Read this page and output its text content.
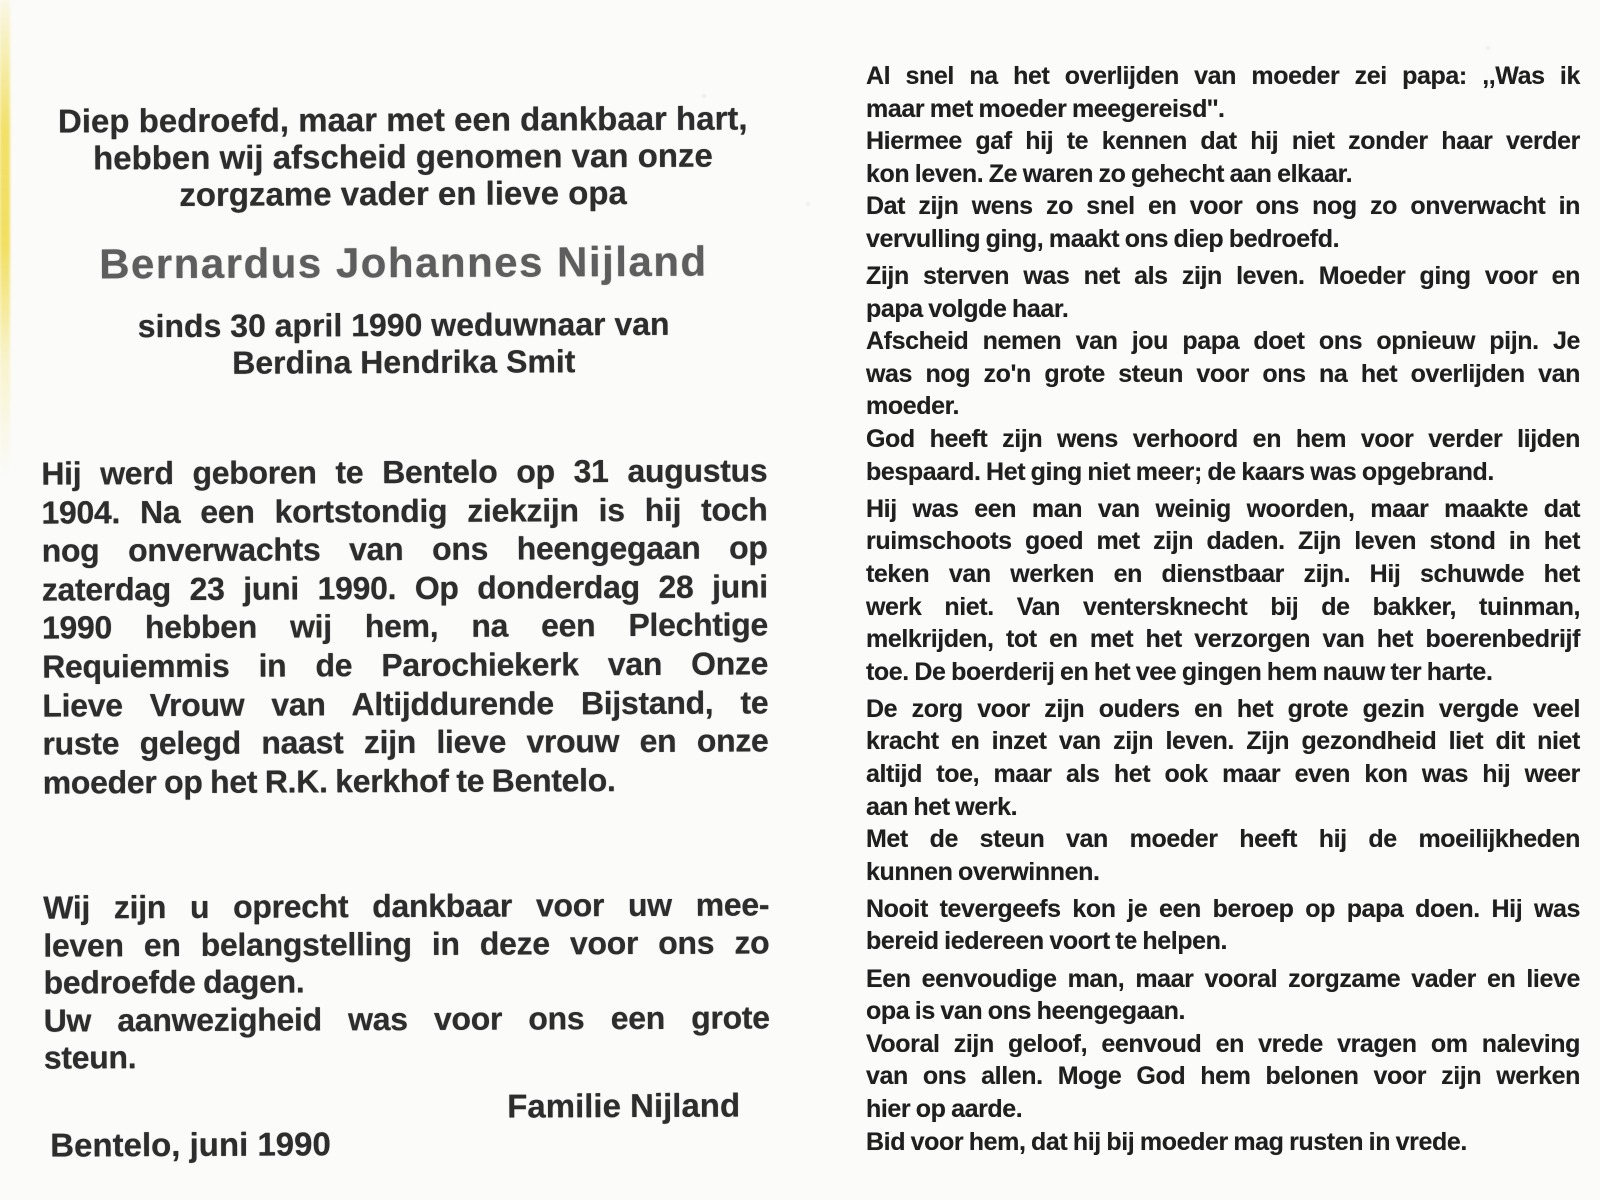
Diep bedroefd, maar met een dankbaar hart,
hebben wij afscheid genomen van onze
zorgzame vader en lieve opa
Bernardus Johannes Nijland
sinds 30 april 1990 weduwnaar van
Berdina Hendrika Smit
Hij werd geboren te Bentelo op 31 augustus
1904. Na een kortstondig ziekzijn is hij toch
nog onverwachts van ons heengegaan op
zaterdag 23 juni 1990. Op donderdag 28 juni
1990 hebben wij hem, na een Plechtige
Requiemmis in de Parochiekerk van Onze
Lieve Vrouw van Altijddurende Bijstand, te
ruste gelegd naast zijn lieve vrouw en onze
moeder op het R.K. kerkhof te Bentelo.
Wij zijn u oprecht dankbaar voor uw mee-
leven en belangstelling in deze voor ons zo
bedroefde dagen.
Uw aanwezigheid was voor ons een grote
steun.
Familie Nijland
Bentelo, juni 1990
Al snel na het overlijden van moeder zei papa: ,,Was ik
maar met moeder meegereisd''.
Hiermee gaf hij te kennen dat hij niet zonder haar verder
kon leven. Ze waren zo gehecht aan elkaar.
Dat zijn wens zo snel en voor ons nog zo onverwacht in
vervulling ging, maakt ons diep bedroefd.
Zijn sterven was net als zijn leven. Moeder ging voor en
papa volgde haar.
Afscheid nemen van jou papa doet ons opnieuw pijn. Je
was nog zo'n grote steun voor ons na het overlijden van
moeder.
God heeft zijn wens verhoord en hem voor verder lijden
bespaard. Het ging niet meer; de kaars was opgebrand.
Hij was een man van weinig woorden, maar maakte dat
ruimschoots goed met zijn daden. Zijn leven stond in het
teken van werken en dienstbaar zijn. Hij schuwde het
werk niet. Van ventersknecht bij de bakker, tuinman,
melkrijden, tot en met het verzorgen van het boerenbedrijf
toe. De boerderij en het vee gingen hem nauw ter harte.
De zorg voor zijn ouders en het grote gezin vergde veel
kracht en inzet van zijn leven. Zijn gezondheid liet dit niet
altijd toe, maar als het ook maar even kon was hij weer
aan het werk.
Met de steun van moeder heeft hij de moeilijkheden
kunnen overwinnen.
Nooit tevergeefs kon je een beroep op papa doen. Hij was
bereid iedereen voort te helpen.
Een eenvoudige man, maar vooral zorgzame vader en lieve
opa is van ons heengegaan.
Vooral zijn geloof, eenvoud en vrede vragen om naleving
van ons allen. Moge God hem belonen voor zijn werken
hier op aarde.
Bid voor hem, dat hij bij moeder mag rusten in vrede.
